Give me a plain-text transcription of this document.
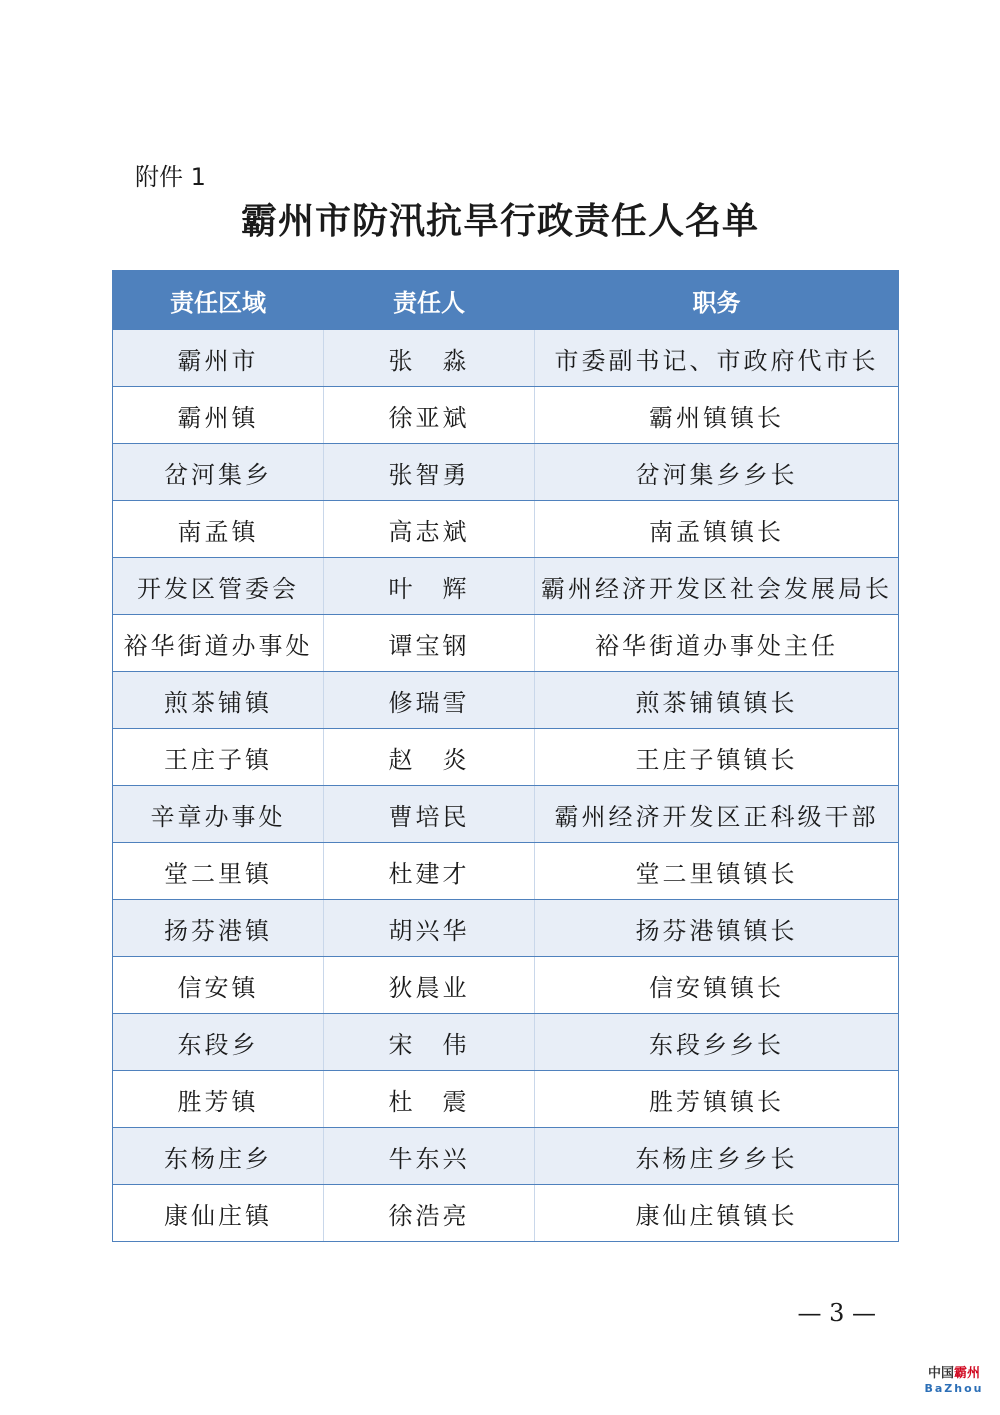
附件 1
霸州市防汛抗旱行政责任人名单
责任区域	责任人	职务
霸州市	张　淼	市委副书记、市政府代市长
霸州镇	徐亚斌	霸州镇镇长
岔河集乡	张智勇	岔河集乡乡长
南孟镇	高志斌	南孟镇镇长
开发区管委会	叶　辉	霸州经济开发区社会发展局长
裕华街道办事处	谭宝钢	裕华街道办事处主任
煎茶铺镇	修瑞雪	煎茶铺镇镇长
王庄子镇	赵　炎	王庄子镇镇长
辛章办事处	曹培民	霸州经济开发区正科级干部
堂二里镇	杜建才	堂二里镇镇长
扬芬港镇	胡兴华	扬芬港镇镇长
信安镇	狄晨业	信安镇镇长
东段乡	宋　伟	东段乡乡长
胜芳镇	杜　震	胜芳镇镇长
东杨庄乡	牛东兴	东杨庄乡乡长
康仙庄镇	徐浩亮	康仙庄镇镇长
— 3 —
中国霸州
BaZhou
